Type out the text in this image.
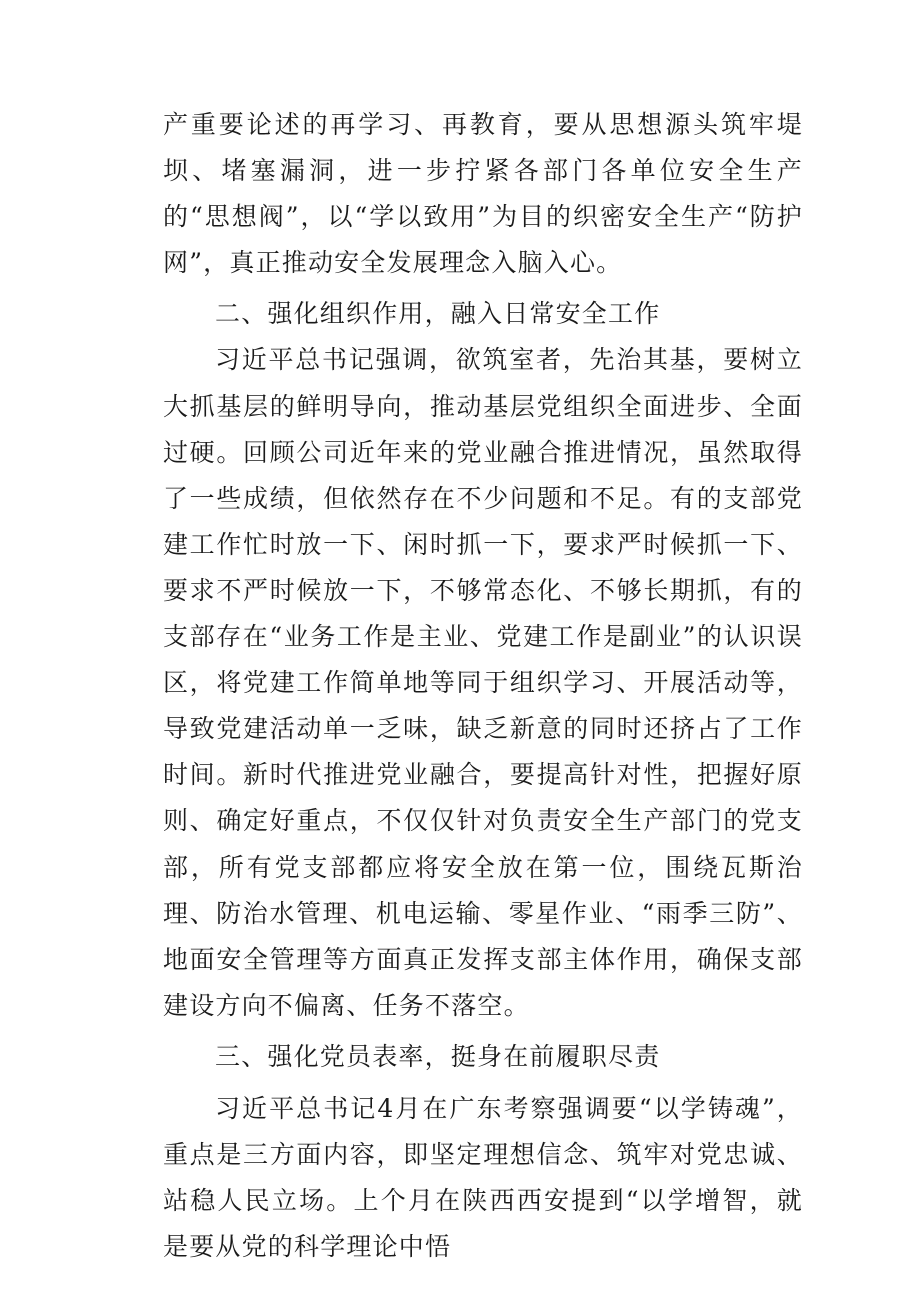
产重要论述的再学习、再教育，要从思想源头筑牢堤坝、堵塞漏洞，进一步拧紧各部门各单位安全生产的“思想阀”，以“学以致用”为目的织密安全生产“防护网”，真正推动安全发展理念入脑入心。

二、强化组织作用，融入日常安全工作

习近平总书记强调，欲筑室者，先治其基，要树立大抓基层的鲜明导向，推动基层党组织全面进步、全面过硬。回顾公司近年来的党业融合推进情况，虽然取得了一些成绩，但依然存在不少问题和不足。有的支部党建工作忙时放一下、闲时抓一下，要求严时候抓一下、要求不严时候放一下，不够常态化、不够长期抓，有的支部存在“业务工作是主业、党建工作是副业”的认识误区，将党建工作简单地等同于组织学习、开展活动等，导致党建活动单一乏味，缺乏新意的同时还挤占了工作时间。新时代推进党业融合，要提高针对性，把握好原则、确定好重点，不仅仅针对负责安全生产部门的党支部，所有党支部都应将安全放在第一位，围绕瓦斯治理、防治水管理、机电运输、零星作业、“雨季三防”、地面安全管理等方面真正发挥支部主体作用，确保支部建设方向不偏离、任务不落空。

三、强化党员表率，挺身在前履职尽责

习近平总书记4月在广东考察强调要“以学铸魂”，重点是三方面内容，即坚定理想信念、筑牢对党忠诚、站稳人民立场。上个月在陕西西安提到“以学增智，就是要从党的科学理论中悟
